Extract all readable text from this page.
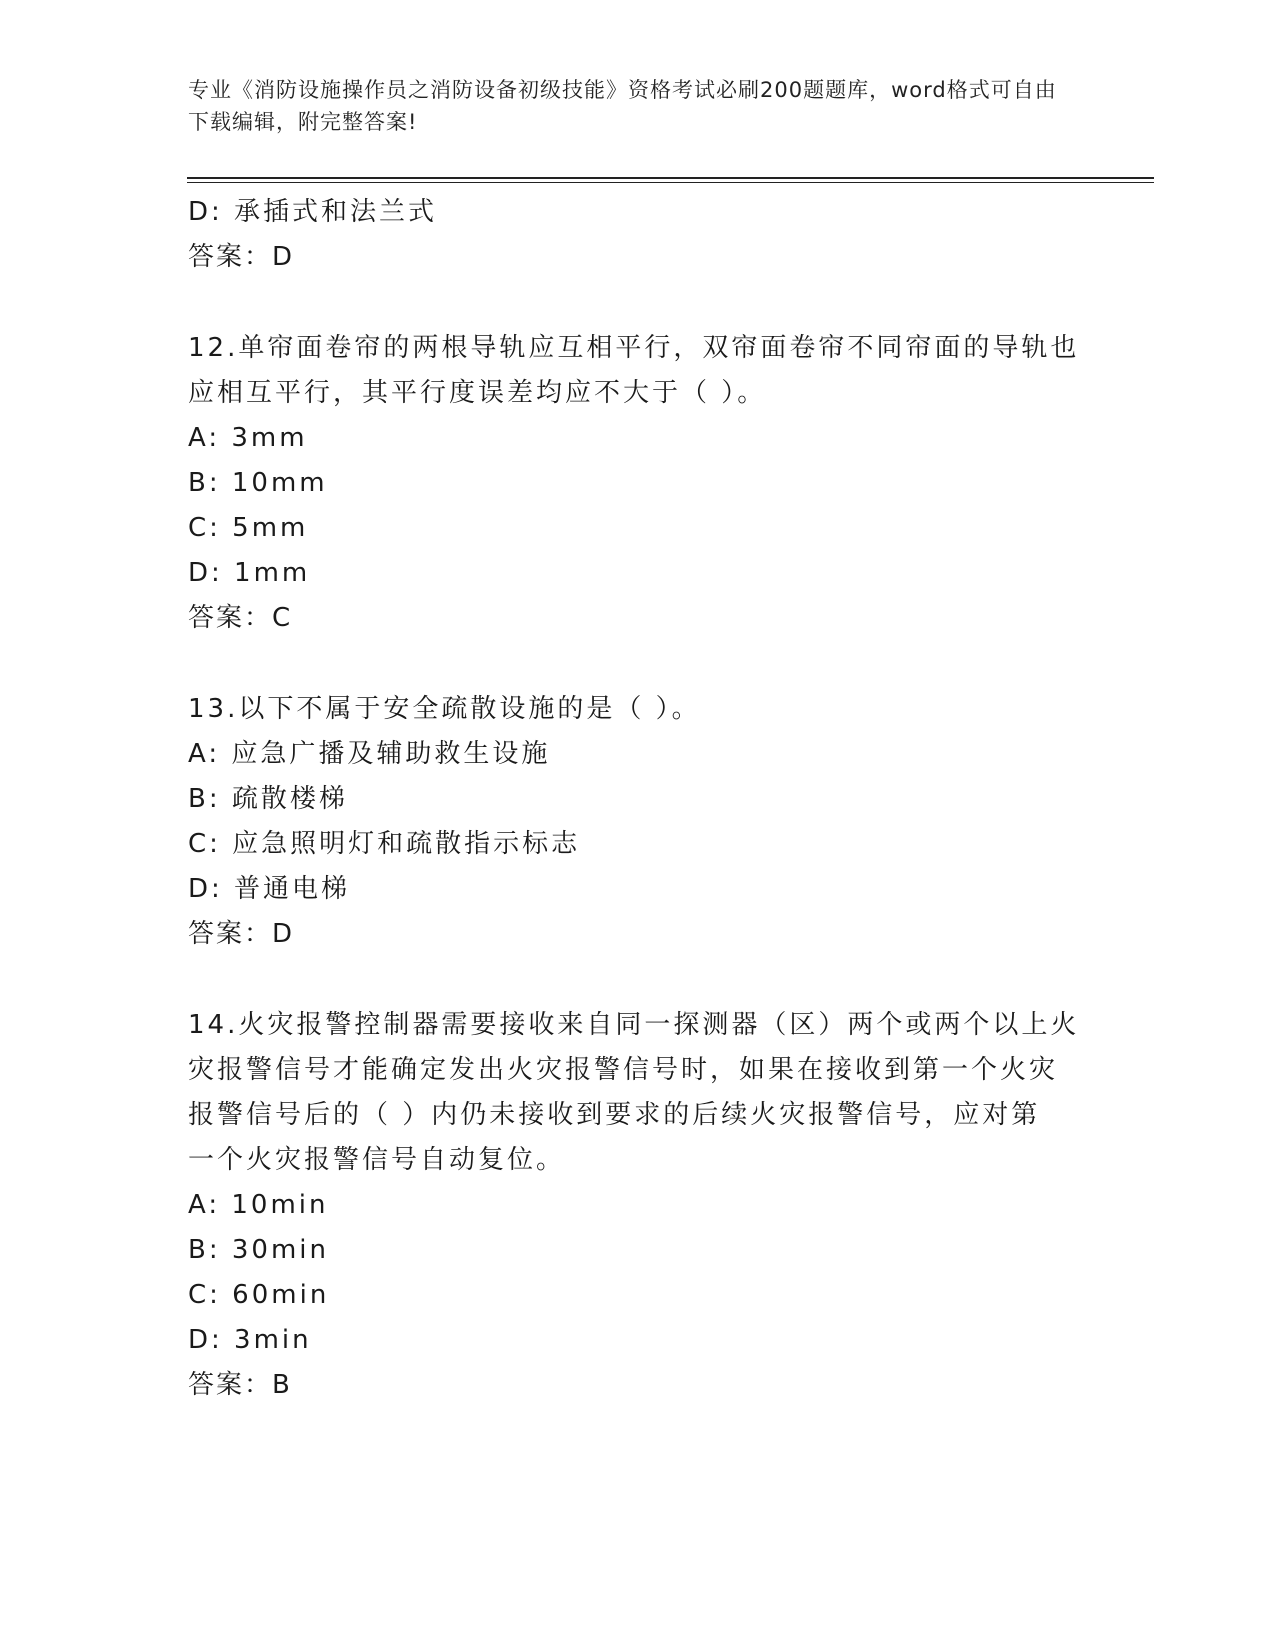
专业《消防设施操作员之消防设备初级技能》资格考试必刷200题题库，word格式可自由下载编辑，附完整答案!
D: 承插式和法兰式
答案：D
12.单帘面卷帘的两根导轨应互相平行，双帘面卷帘不同帘面的导轨也
应相互平行，其平行度误差均应不大于（ ）。
A: 3mm
B: 10mm
C: 5mm
D: 1mm
答案：C
13.以下不属于安全疏散设施的是（ ）。
A: 应急广播及辅助救生设施
B: 疏散楼梯
C: 应急照明灯和疏散指示标志
D: 普通电梯
答案：D
14.火灾报警控制器需要接收来自同一探测器（区）两个或两个以上火
灾报警信号才能确定发出火灾报警信号时，如果在接收到第一个火灾
报警信号后的（ ）内仍未接收到要求的后续火灾报警信号，应对第
一个火灾报警信号自动复位。
A: 10min
B: 30min
C: 60min
D: 3min
答案：B
